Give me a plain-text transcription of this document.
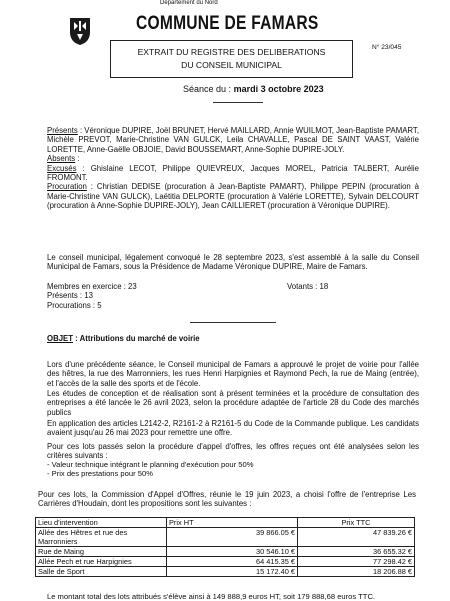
Département du Nord
COMMUNE DE FAMARS
EXTRAIT DU REGISTRE DES DELIBERATIONS
DU CONSEIL MUNICIPAL
N° 23/045
Séance du : mardi 3 octobre 2023
Présents : Véronique DUPIRE, Joël BRUNET, Hervé MAILLARD, Annie WUILMOT, Jean-Baptiste PAMART, Michèle PREVOT, Marie-Christine VAN GULCK, Leila CHAVALLE, Pascal DE SAINT VAAST, Valérie LORETTE, Anne-Gaëlle OBJOIE, David BOUSSEMART, Anne-Sophie DUPIRE-JOLY.
Absents :
Excusés : Ghislaine LECOT, Philippe QUIEVREUX, Jacques MOREL, Patricia TALBERT, Aurélie FROMONT.
Procuration : Christian DEDISE (procuration à Jean-Baptiste PAMART), Philippe PEPIN (procuration à Marie-Christine VAN GULCK), Laëtitia DELPORTE (procuration à Valérie LORETTE), Sylvain DELCOURT (procuration à Anne-Sophie DUPIRE-JOLY), Jean CAILLIERET (procuration à Véronique DUPIRE).
Le conseil municipal, légalement convoqué le 28 septembre 2023, s'est assemblé à la salle du Conseil Municipal de Famars, sous la Présidence de Madame Véronique DUPIRE, Maire de Famars.
Membres en exercice : 23	Votants : 18
Présents : 13
Procurations : 5
OBJET : Attributions du marché de voirie
Lors d'une précédente séance, le Conseil municipal de Famars a approuvé le projet de voirie pour l'allée des hêtres, la rue des Marronniers, les rues Henri Harpignies et Raymond Pech, la rue de Maing (entrée), et l'accès de la salle des sports et de l'école.
Les études de conception et de réalisation sont à présent terminées et la procédure de consultation des entreprises a été lancée le 26 avril 2023, selon la procédure adaptée de l'article 28 du Code des marchés publics
En application des articles L2142-2, R2161-2 à R2161-5 du Code de la Commande publique. Les candidats avaient jusqu'au 26 mai 2023 pour remettre une offre.
Pour ces lots passés selon la procédure d'appel d'offres, les offres reçues ont été analysées selon les critères suivants :
- Valeur technique intégrant le planning d'exécution pour 50%
- Prix des prestations pour 50%
Pour ces lots, la Commission d'Appel d'Offres, réunie le 19 juin 2023, a choisi l'offre de l'entreprise Les Carrières d'Houdain, dont les propositions sont les suivantes :
Lieu d'intervention	Prix HT	Prix TTC
Allée des Hêtres et rue des Marronniers	39 866.05 €	47 839.26 €
Rue de Maing	30 546.10 €	36 655.32 €
Allée Pech et rue Harpignies	64 415.35 €	77 298.42 €
Salle de Sport	15 172.40 €	18 206.88 €
Le montant total des lots attribués s'élève ainsi à 149 888,9 euros HT, soit 179 888,68 euros TTC.
